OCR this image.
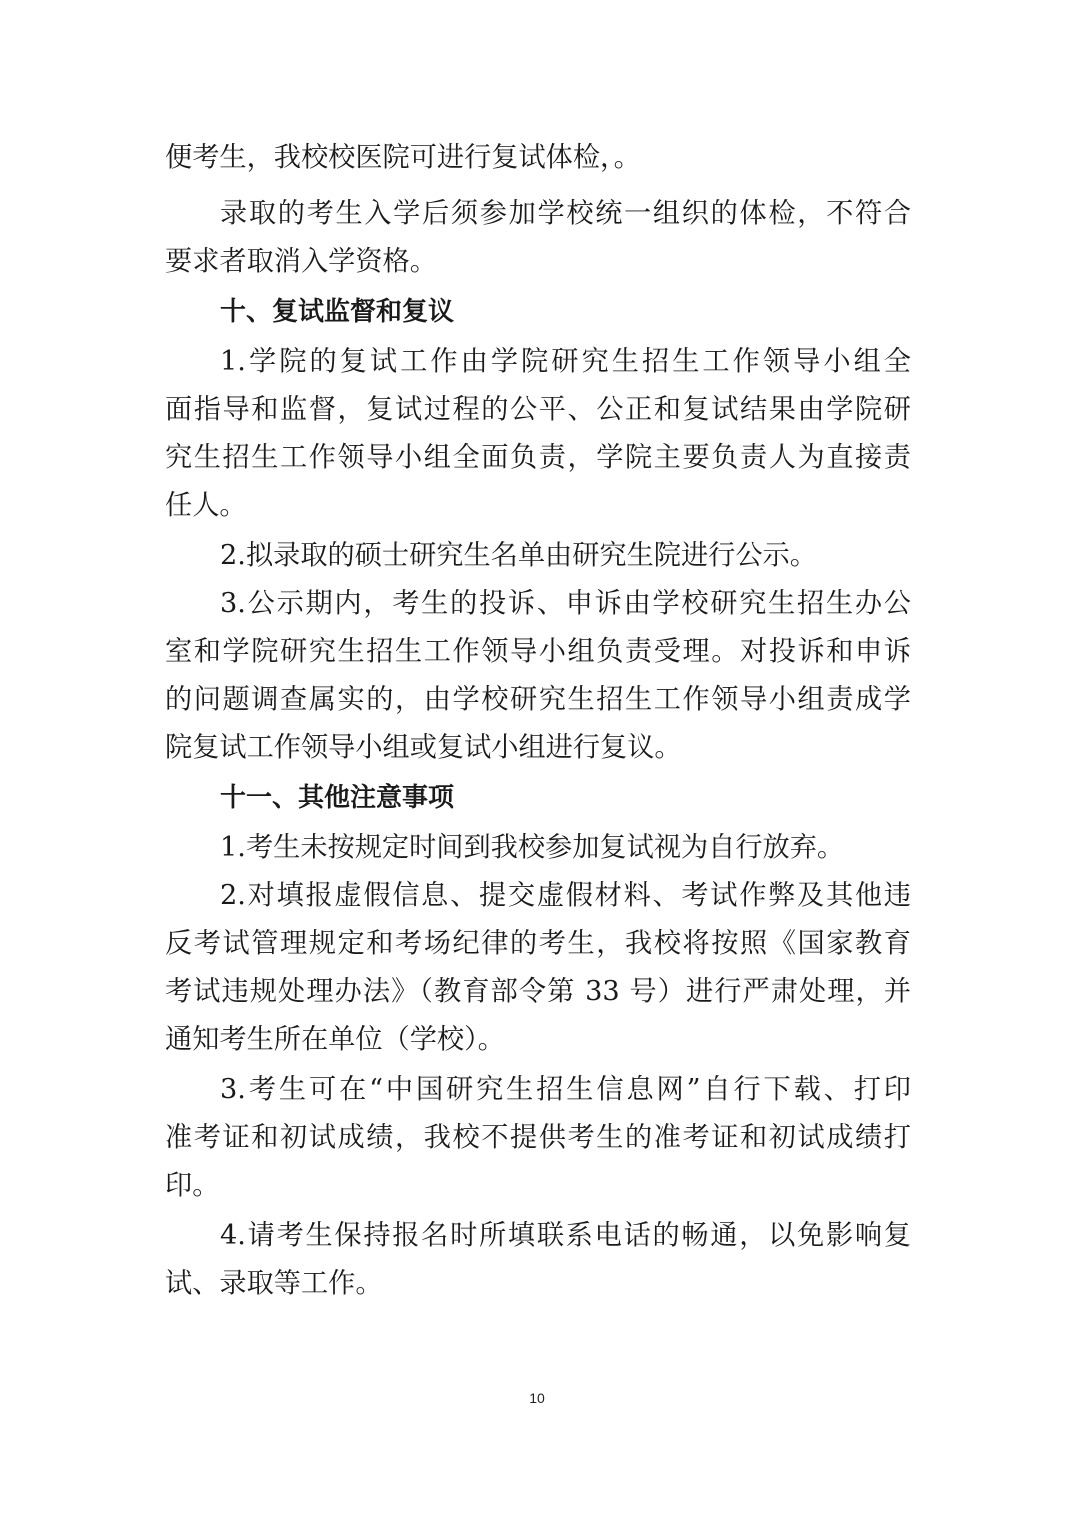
便考生，我校校医院可进行复试体检，。
录取的考生入学后须参加学校统一组织的体检，不符合
要求者取消入学资格。
十、复试监督和复议
1.学院的复试工作由学院研究生招生工作领导小组全
面指导和监督，复试过程的公平、公正和复试结果由学院研
究生招生工作领导小组全面负责，学院主要负责人为直接责
任人。
2.拟录取的硕士研究生名单由研究生院进行公示。
3.公示期内，考生的投诉、申诉由学校研究生招生办公
室和学院研究生招生工作领导小组负责受理。对投诉和申诉
的问题调查属实的，由学校研究生招生工作领导小组责成学
院复试工作领导小组或复试小组进行复议。
十一、其他注意事项
1.考生未按规定时间到我校参加复试视为自行放弃。
2.对填报虚假信息、提交虚假材料、考试作弊及其他违
反考试管理规定和考场纪律的考生，我校将按照《国家教育
考试违规处理办法》（教育部令第 33 号）进行严肃处理，并
通知考生所在单位（学校）。
3.考生可在“中国研究生招生信息网”自行下载、打印
准考证和初试成绩，我校不提供考生的准考证和初试成绩打
印。
4.请考生保持报名时所填联系电话的畅通，以免影响复
试、录取等工作。
10
